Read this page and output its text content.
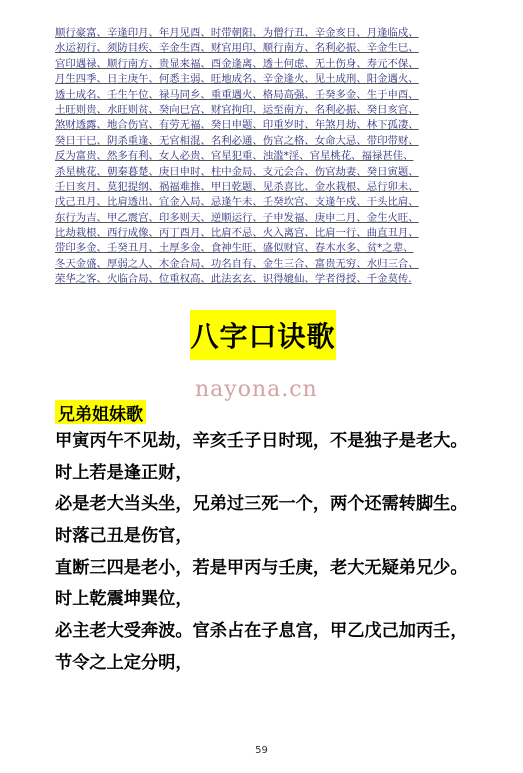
顺行豪富、辛逢印月、年月见酉、时带朝阳、为僧行丑、辛金亥日、月逢临戍、
水运初行、须防目疾、辛金生酉、财官用印、顺行南方、名利必振、辛金生巳、
官印遇禄、顺行南方、贵显来福、酉金逢离、透土何虑、无土伤身、寿元不保、
月生四季、日主庚午、何悉主弱、旺地成名、辛金逢火、见土成刑、阳金遇火、
透土成名、壬生午位、禄马同乡、重重遇火、格局高强、壬癸多金、生于申酉、
土旺则贵、水旺则贫、癸向巳宫、财官拘印、运至南方、名利必振、癸日亥宫、
煞财透露、地合伤官、有劳无福、癸日申题、印重岁时、年煞月劫、林下孤凄、
癸日干巳、阴杀重逢、无官相混、名利必通、伤官之格、女命大忌、带印带财、
反为富贵、然多有利、女人必贵、官星犯重、浊滥*淫、官星桃花、福禄甚佳、
杀星桃花、朝秦暮楚、庚日申时、柱中金局、支元会合、伤官劫妻、癸日寅题、
壬日亥月、莫犯提纲、祸福难推、甲日乾题、见杀喜比、金水栽根、忌行卯未、
戊己丑月、比肩透出、宜金入局、忌逢午未、壬癸坎宫、支逢午戍、干头比肩、
东行为吉、甲乙震宫、印多则天、逆顺运行、子申发福、庚申二月、金生火旺、
比劫栽根、西行成像、丙丁酉月、比肩不忌、火入离宫、比肩一行、曲直丑月、
带印多金、壬癸丑月、土厚多金、食神生旺、盛似财官、春木水多、贫*之辈、
冬天金盛、厚弱之人、木金合局、功名自有、金生三合、富贵无穷、水归三合、
荣华之客、火临合局、位重权高、此法玄玄、识得媲仙、学者得授、千金莫传.
八字口诀歌
nayona.cn
兄弟姐妹歌
甲寅丙午不见劫，辛亥壬子日时现，不是独子是老大。
时上若是逢正财，
必是老大当头坐，兄弟过三死一个，两个还需转脚生。
时落己丑是伤官，
直断三四是老小，若是甲丙与壬庚，老大无疑弟兄少。
时上乾震坤巽位，
必主老大受奔波。官杀占在子息宫，甲乙戊己加丙壬，
节令之上定分明，
59
